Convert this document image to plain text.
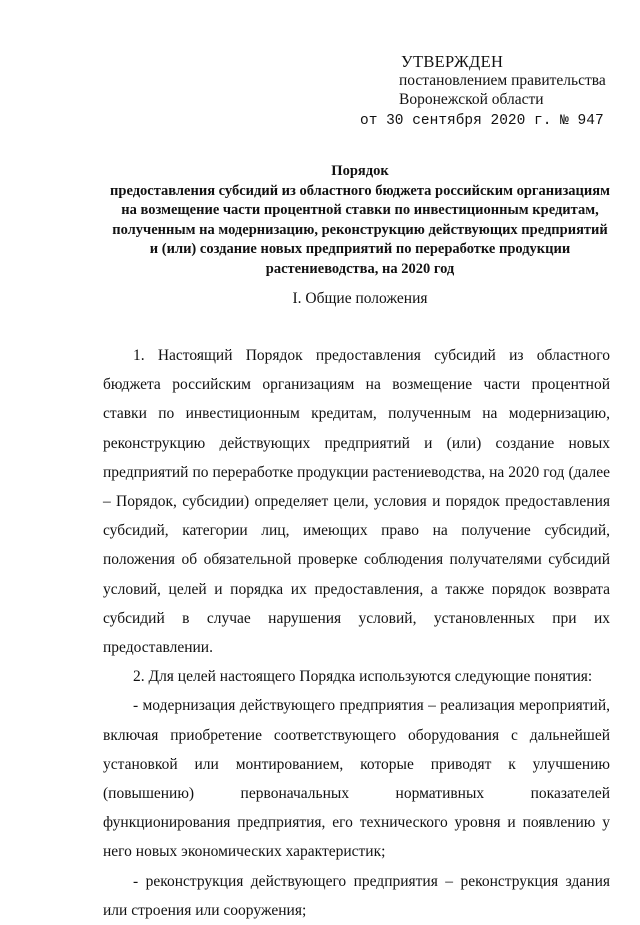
УТВЕРЖДЕН
постановлением правительства
Воронежской области
от 30 сентября 2020 г. № 947
Порядок
предоставления субсидий из областного бюджета российским организациям на возмещение части процентной ставки по инвестиционным кредитам, полученным на модернизацию, реконструкцию действующих предприятий и (или) создание новых предприятий по переработке продукции растениеводства, на 2020 год
I. Общие положения

1. Настоящий Порядок предоставления субсидий из областного бюджета российским организациям на возмещение части процентной ставки по инвестиционным кредитам, полученным на модернизацию, реконструкцию действующих предприятий и (или) создание новых предприятий по переработке продукции растениеводства, на 2020 год (далее – Порядок, субсидии) определяет цели, условия и порядок предоставления субсидий, категории лиц, имеющих право на получение субсидий, положения об обязательной проверке соблюдения получателями субсидий условий, целей и порядка их предоставления, а также порядок возврата субсидий в случае нарушения условий, установленных при их предоставлении.

2. Для целей настоящего Порядка используются следующие понятия:

- модернизация действующего предприятия – реализация мероприятий, включая приобретение соответствующего оборудования с дальнейшей установкой или монтированием, которые приводят к улучшению (повышению) первоначальных нормативных показателей функционирования предприятия, его технического уровня и появлению у него новых экономических характеристик;

- реконструкция действующего предприятия – реконструкция здания или строения или сооружения;
